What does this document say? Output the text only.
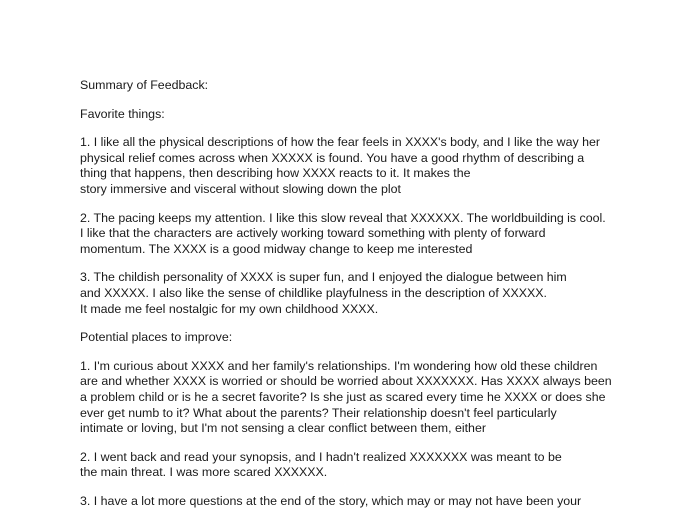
Summary of Feedback:
Favorite things:
1. I like all the physical descriptions of how the fear feels in XXXX's body, and I like the way her
physical relief comes across when XXXXX is found. You have a good rhythm of describing a
thing that happens, then describing how XXXX reacts to it. It makes the
story immersive and visceral without slowing down the plot
2. The pacing keeps my attention. I like this slow reveal that XXXXXX. The worldbuilding is cool.
I like that the characters are actively working toward something with plenty of forward
momentum. The XXXX is a good midway change to keep me interested
3. The childish personality of XXXX is super fun, and I enjoyed the dialogue between him
and XXXXX. I also like the sense of childlike playfulness in the description of XXXXX.
It made me feel nostalgic for my own childhood XXXX.
Potential places to improve:
1. I'm curious about XXXX and her family's relationships. I'm wondering how old these children
are and whether XXXX is worried or should be worried about XXXXXXX. Has XXXX always been
a problem child or is he a secret favorite? Is she just as scared every time he XXXX or does she
ever get numb to it? What about the parents? Their relationship doesn't feel particularly
intimate or loving, but I'm not sensing a clear conflict between them, either
2. I went back and read your synopsis, and I hadn't realized XXXXXXX was meant to be
the main threat. I was more scared XXXXXX.
3. I have a lot more questions at the end of the story, which may or may not have been your
